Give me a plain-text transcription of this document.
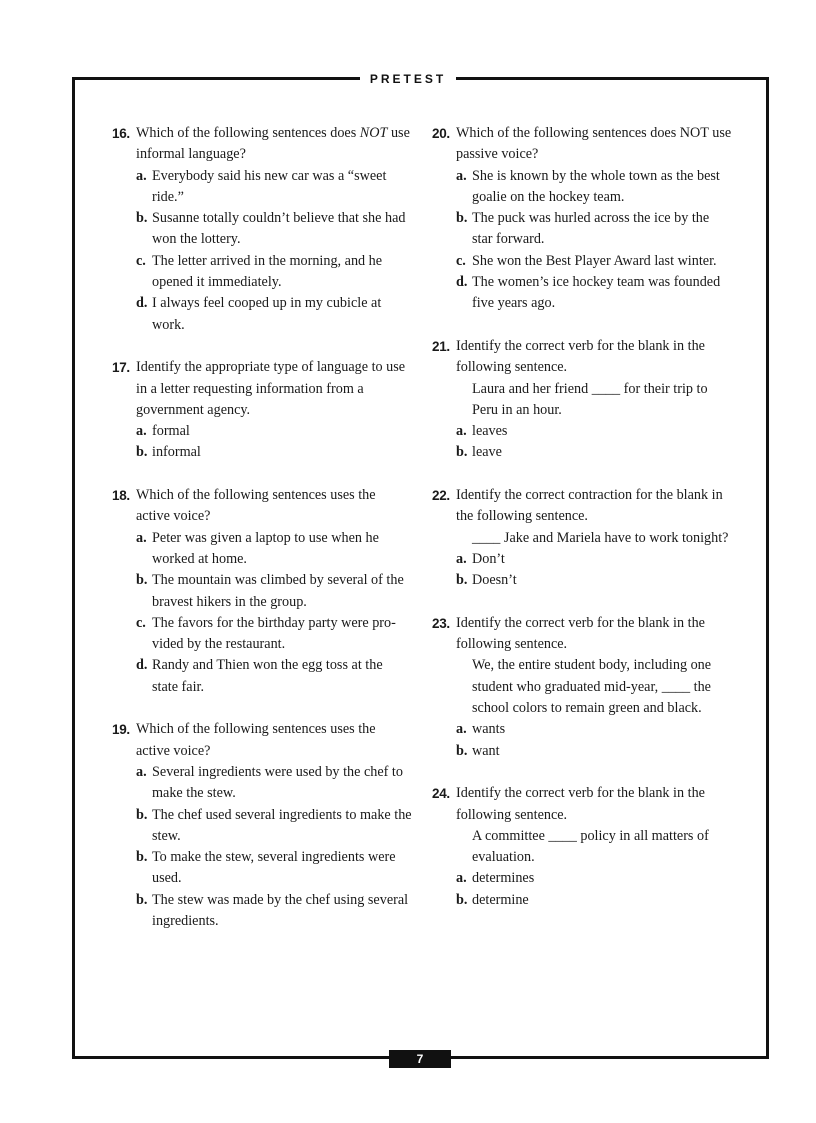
PRETEST
16. Which of the following sentences does NOT use informal language?
a. Everybody said his new car was a “sweet ride.”
b. Susanne totally couldn’t believe that she had won the lottery.
c. The letter arrived in the morning, and he opened it immediately.
d. I always feel cooped up in my cubicle at work.
17. Identify the appropriate type of language to use in a letter requesting information from a government agency.
a. formal
b. informal
18. Which of the following sentences uses the active voice?
a. Peter was given a laptop to use when he worked at home.
b. The mountain was climbed by several of the bravest hikers in the group.
c. The favors for the birthday party were provided by the restaurant.
d. Randy and Thien won the egg toss at the state fair.
19. Which of the following sentences uses the active voice?
a. Several ingredients were used by the chef to make the stew.
b. The chef used several ingredients to make the stew.
b. To make the stew, several ingredients were used.
b. The stew was made by the chef using several ingredients.
20. Which of the following sentences does NOT use passive voice?
a. She is known by the whole town as the best goalie on the hockey team.
b. The puck was hurled across the ice by the star forward.
c. She won the Best Player Award last winter.
d. The women’s ice hockey team was founded five years ago.
21. Identify the correct verb for the blank in the following sentence.
Laura and her friend ____ for their trip to Peru in an hour.
a. leaves
b. leave
22. Identify the correct contraction for the blank in the following sentence.
____ Jake and Mariela have to work tonight?
a. Don’t
b. Doesn’t
23. Identify the correct verb for the blank in the following sentence.
We, the entire student body, including one student who graduated mid-year, ____ the school colors to remain green and black.
a. wants
b. want
24. Identify the correct verb for the blank in the following sentence.
A committee ____ policy in all matters of evaluation.
a. determines
b. determine
7
